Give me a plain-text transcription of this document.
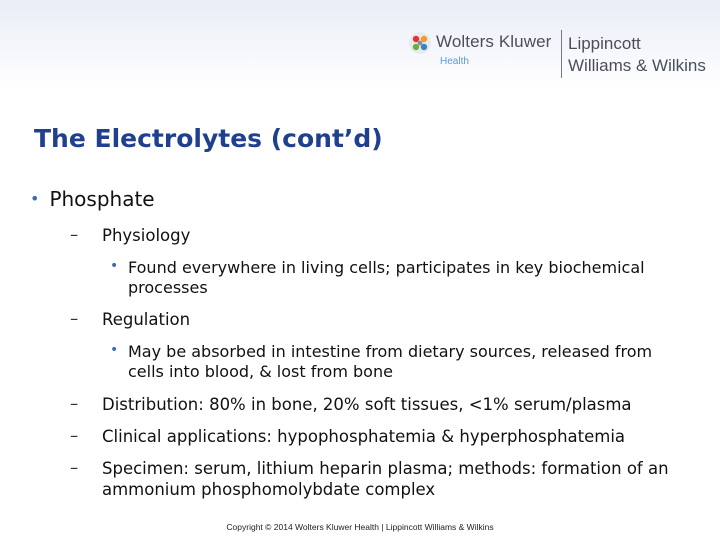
Wolters Kluwer
Health
Lippincott
Williams & Wilkins
The Electrolytes (cont’d)
• Phosphate
– Physiology
• Found everywhere in living cells; participates in key biochemical processes
– Regulation
• May be absorbed in intestine from dietary sources, released from cells into blood, & lost from bone
– Distribution: 80% in bone, 20% soft tissues, <1% serum/plasma
– Clinical applications: hypophosphatemia & hyperphosphatemia
– Specimen: serum, lithium heparin plasma; methods: formation of an ammonium phosphomolybdate complex
Copyright © 2014 Wolters Kluwer Health | Lippincott Williams & Wilkins
